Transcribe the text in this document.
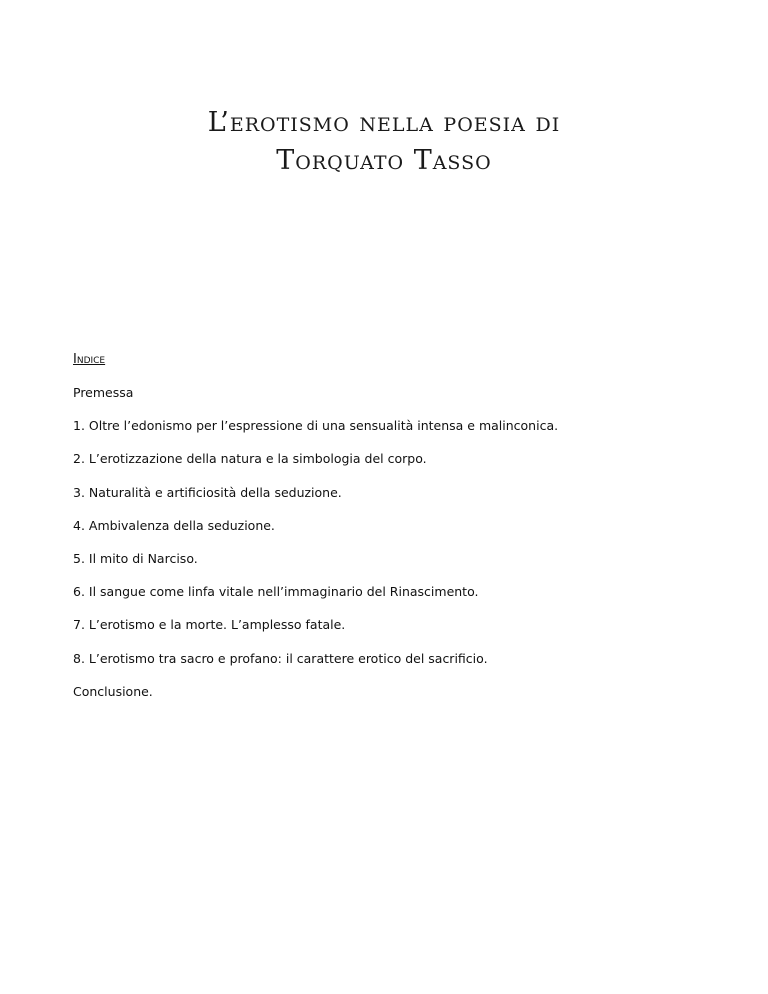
L’erotismo nella poesia di
Torquato Tasso
Indice
Premessa
1. Oltre l’edonismo per l’espressione di una sensualità intensa e malinconica.
2. L’erotizzazione della natura e la simbologia del corpo.
3. Naturalità e artificiosità della seduzione.
4. Ambivalenza della seduzione.
5. Il mito di Narciso.
6. Il sangue come linfa vitale nell’immaginario del Rinascimento.
7. L’erotismo e la morte. L’amplesso fatale.
8. L’erotismo tra sacro e profano: il carattere erotico del sacrificio.
Conclusione.
